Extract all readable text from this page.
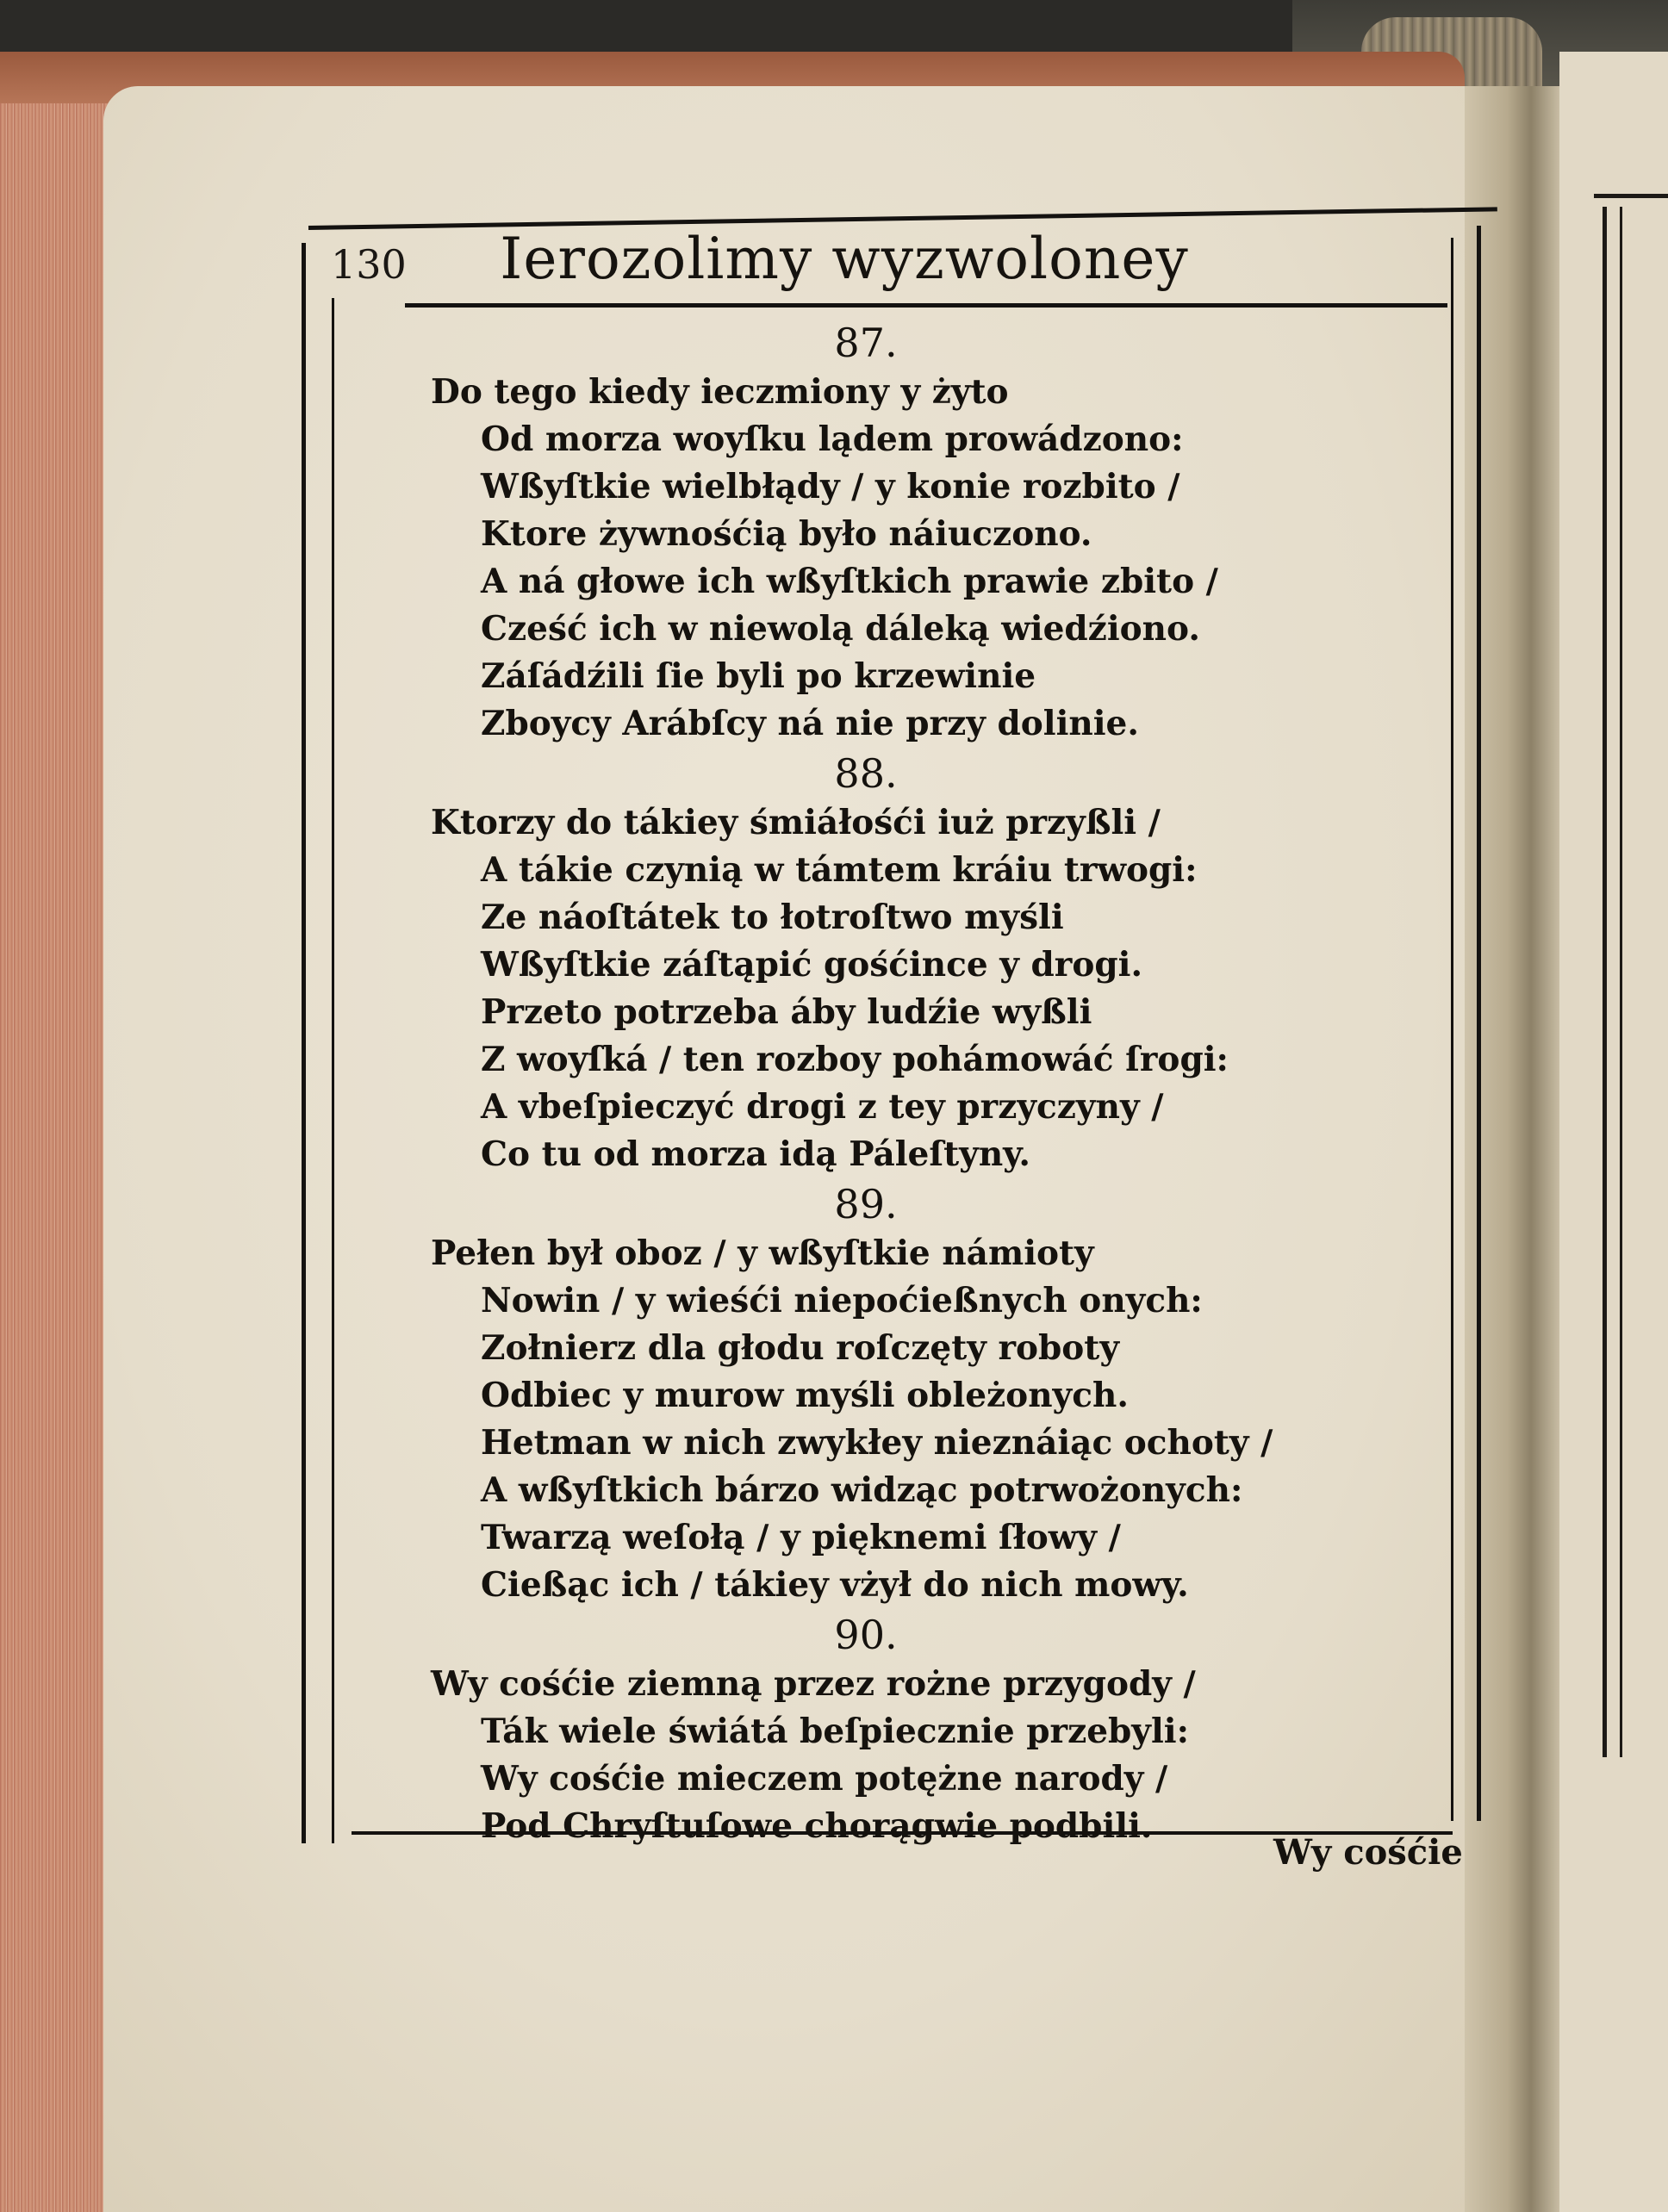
130	Ierozolimy wyzwoloney
87.
Do tego kiedy ieczmiony y żyto
Od morza woyſku lądem prowádzono:
Wßyſtkie wielbłądy / y konie rozbito /
Ktore żywnośćią było náiuczono.
A ná głowe ich wßyſtkich prawie zbito /
Cześć ich w niewolą dáleką wiedźiono.
Záſádźili ſie byli po krzewinie
Zboycy Arábſcy ná nie przy dolinie.
88.
Ktorzy do tákiey śmiáłośći iuż przyßli /
A tákie czynią w támtem kráiu trwogi:
Ze náoſtátek to łotroſtwo myśli
Wßyſtkie záſtąpić gośćince y drogi.
Przeto potrzeba áby ludźie wyßli
Z woyſká / ten rozboy pohámowáć ſrogi:
A vbeſpieczyć drogi z tey przyczyny /
Co tu od morza idą Páleſtyny.
89.
Pełen był oboz / y wßyſtkie námioty
Nowin / y wieśći niepoćießnych onych:
Zołnierz dla głodu roſczęty roboty
Odbiec y murow myśli obleżonych.
Hetman w nich zwykłey nieznáiąc ochoty /
A wßyſtkich bárzo widząc potrwożonych:
Twarzą weſołą / y pięknemi ſłowy /
Cießąc ich / tákiey vżył do nich mowy.
90.
Wy cośćie ziemną przez rożne przygody /
Ták wiele świátá beſpiecznie przebyli:
Wy cośćie mieczem potężne narody /
Pod Chryſtuſowe chorągwie podbili.
Wy cośćie
